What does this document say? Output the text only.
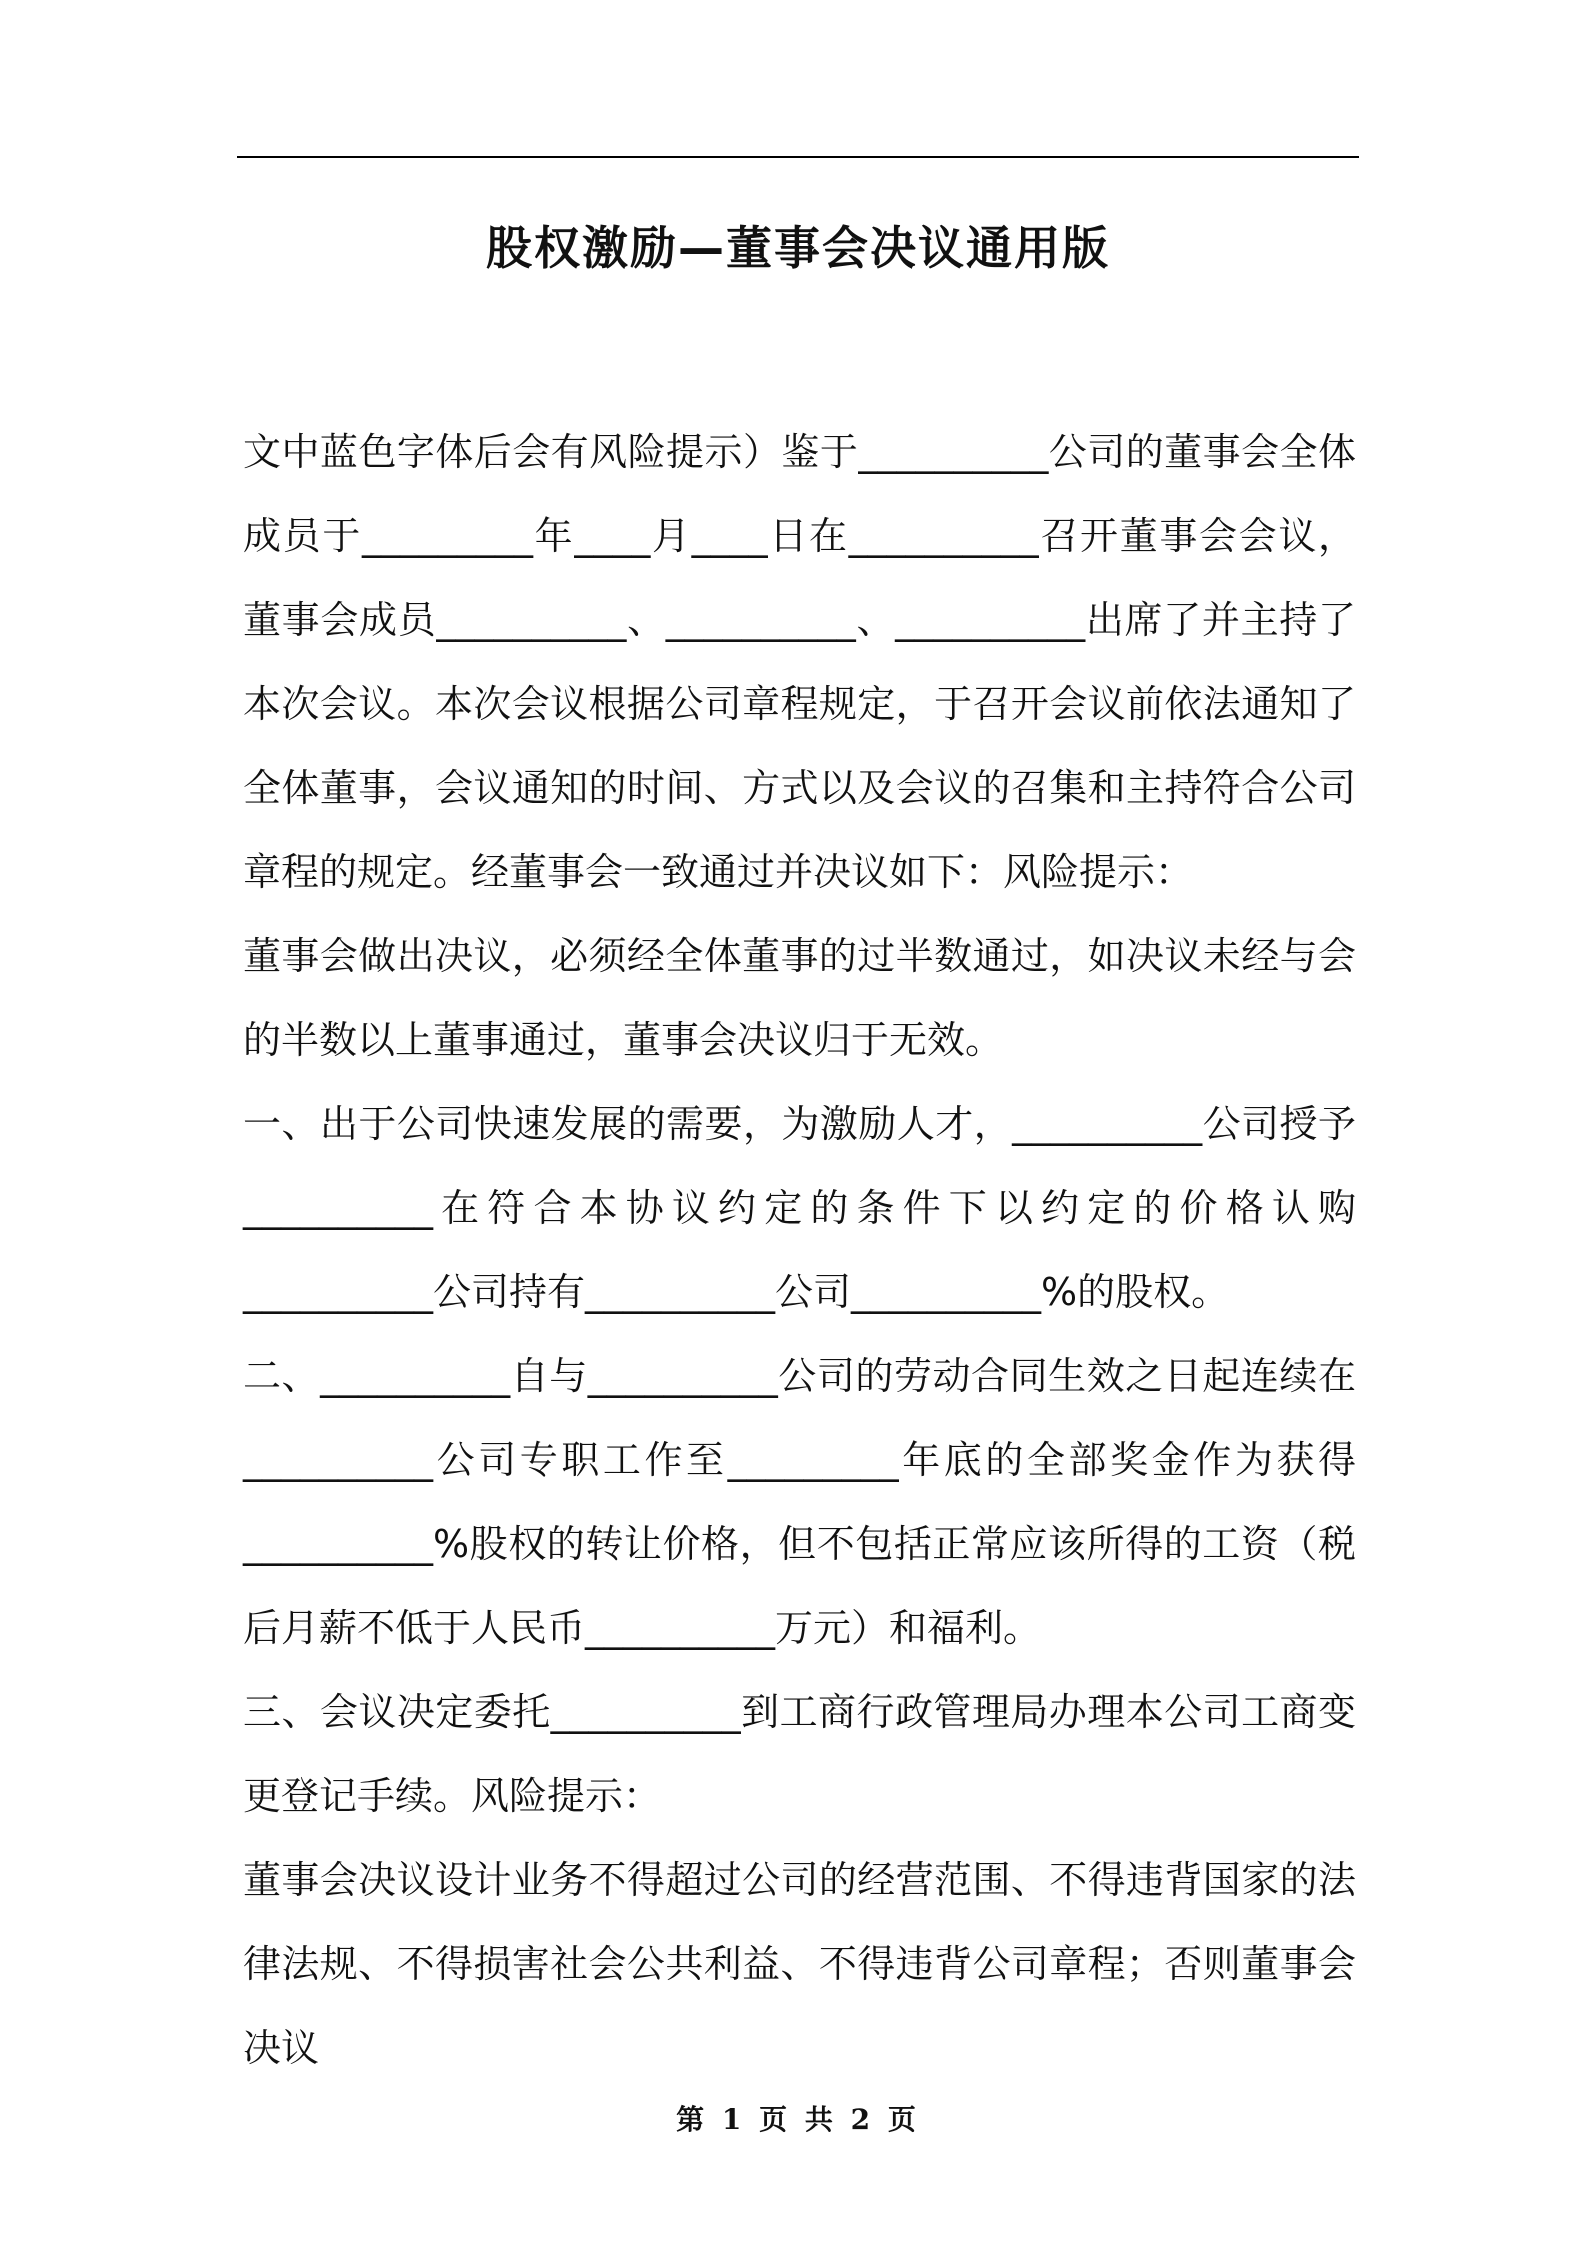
股权激励—董事会决议通用版

文中蓝色字体后会有风险提示）鉴于__________公司的董事会全体成员于_________年____月____日在__________召开董事会会议，董事会成员__________、__________、__________出席了并主持了本次会议。本次会议根据公司章程规定，于召开会议前依法通知了全体董事，会议通知的时间、方式以及会议的召集和主持符合公司章程的规定。经董事会一致通过并决议如下：风险提示：

董事会做出决议，必须经全体董事的过半数通过，如决议未经与会的半数以上董事通过，董事会决议归于无效。

一、出于公司快速发展的需要，为激励人才，__________公司授予__________在符合本协议约定的条件下以约定的价格认购__________公司持有__________公司__________%的股权。

二、__________自与__________公司的劳动合同生效之日起连续在__________公司专职工作至_________年底的全部奖金作为获得__________%股权的转让价格，但不包括正常应该所得的工资（税后月薪不低于人民币__________万元）和福利。

三、会议决定委托__________到工商行政管理局办理本公司工商变更登记手续。风险提示：

董事会决议设计业务不得超过公司的经营范围、不得违背国家的法律法规、不得损害社会公共利益、不得违背公司章程；否则董事会决议

第 1 页 共 2 页
